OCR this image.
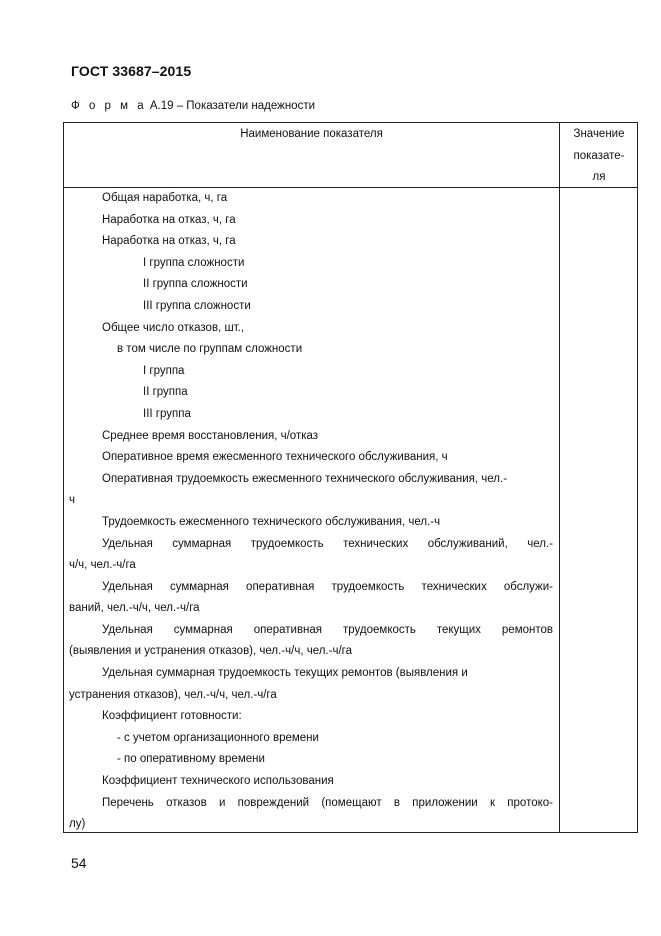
ГОСТ 33687–2015
Ф о р м а А.19 – Показатели надежности
Наименование показателя	Значение
показате-
ля
Общая наработка, ч, га
Наработка на отказ, ч, га
Наработка на отказ, ч, га
I группа сложности
II группа сложности
III группа сложности
Общее число отказов, шт.,
в том числе по группам сложности
I группа
II группа
III группа
Среднее время восстановления, ч/отказ
Оперативное время ежесменного технического обслуживания, ч
Оперативная трудоемкость ежесменного технического обслуживания, чел.-
ч
Трудоемкость ежесменного технического обслуживания, чел.-ч
Удельная суммарная трудоемкость технических обслуживаний, чел.-
ч/ч, чел.-ч/га
Удельная суммарная оперативная трудоемкость технических обслужи-
ваний, чел.-ч/ч, чел.-ч/га
Удельная суммарная оперативная трудоемкость текущих ремонтов
(выявления и устранения отказов), чел.-ч/ч, чел.-ч/га
Удельная суммарная трудоемкость текущих ремонтов (выявления и
устранения отказов), чел.-ч/ч, чел.-ч/га
Коэффициент готовности:
- с учетом организационного времени
- по оперативному времени
Коэффициент технического использования
Перечень отказов и повреждений (помещают в приложении к протоко-
лу)
54
